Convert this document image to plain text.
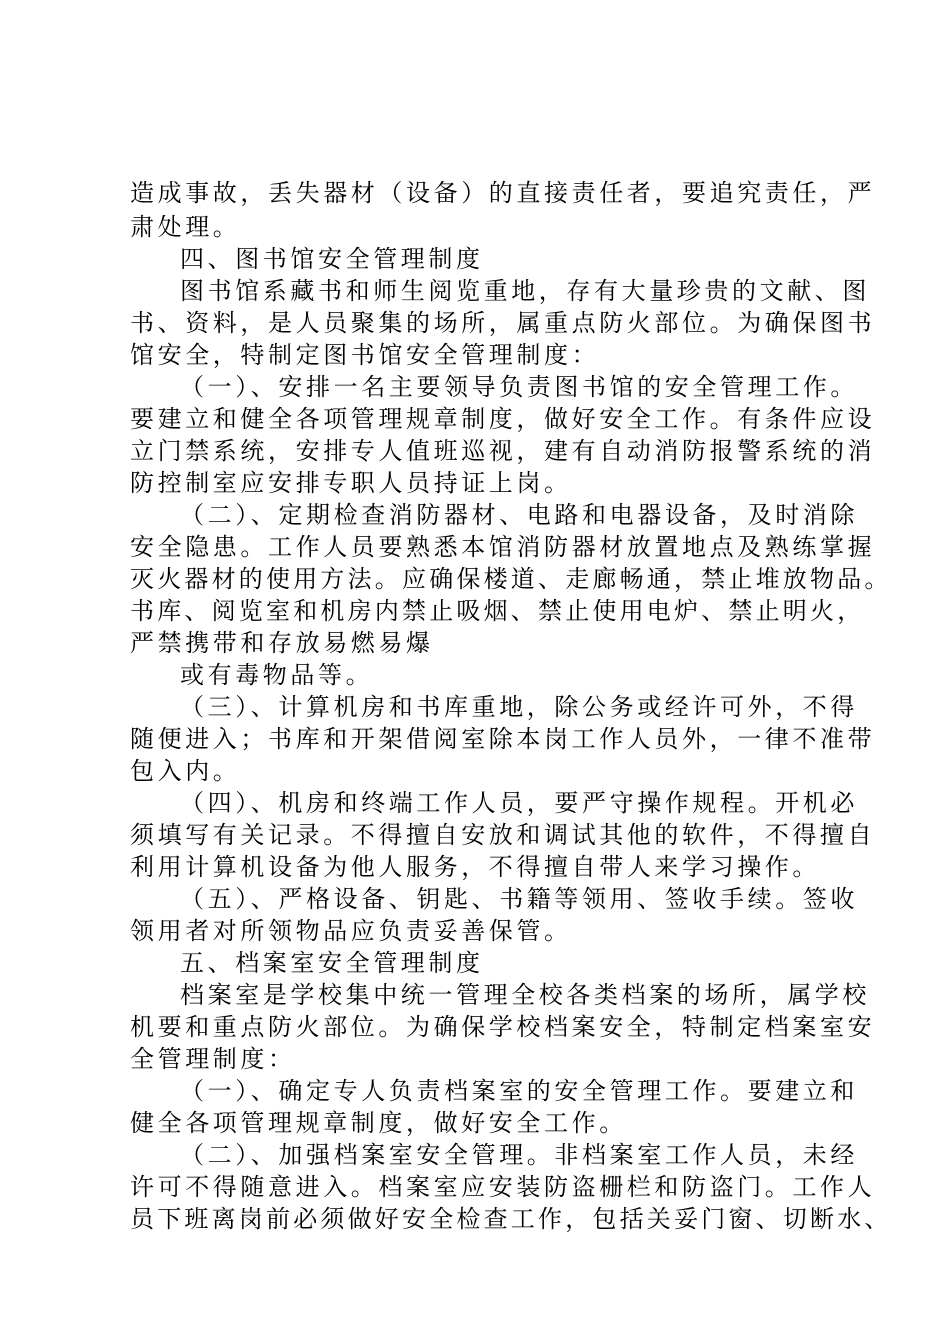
造成事故，丢失器材（设备）的直接责任者，要追究责任，严
肃处理。
四、图书馆安全管理制度
图书馆系藏书和师生阅览重地，存有大量珍贵的文献、图
书、资料，是人员聚集的场所，属重点防火部位。为确保图书
馆安全，特制定图书馆安全管理制度：
（一）、安排一名主要领导负责图书馆的安全管理工作。
要建立和健全各项管理规章制度，做好安全工作。有条件应设
立门禁系统，安排专人值班巡视，建有自动消防报警系统的消
防控制室应安排专职人员持证上岗。
（二）、定期检查消防器材、电路和电器设备，及时消除
安全隐患。工作人员要熟悉本馆消防器材放置地点及熟练掌握
灭火器材的使用方法。应确保楼道、走廊畅通，禁止堆放物品。
书库、阅览室和机房内禁止吸烟、禁止使用电炉、禁止明火，
严禁携带和存放易燃易爆
或有毒物品等。
（三）、计算机房和书库重地，除公务或经许可外，不得
随便进入；书库和开架借阅室除本岗工作人员外，一律不准带
包入内。
（四）、机房和终端工作人员，要严守操作规程。开机必
须填写有关记录。不得擅自安放和调试其他的软件，不得擅自
利用计算机设备为他人服务，不得擅自带人来学习操作。
（五）、严格设备、钥匙、书籍等领用、签收手续。签收
领用者对所领物品应负责妥善保管。
五、档案室安全管理制度
档案室是学校集中统一管理全校各类档案的场所，属学校
机要和重点防火部位。为确保学校档案安全，特制定档案室安
全管理制度：
（一）、确定专人负责档案室的安全管理工作。要建立和
健全各项管理规章制度，做好安全工作。
（二）、加强档案室安全管理。非档案室工作人员，未经
许可不得随意进入。档案室应安装防盗栅栏和防盗门。工作人
员下班离岗前必须做好安全检查工作，包括关妥门窗、切断水、
